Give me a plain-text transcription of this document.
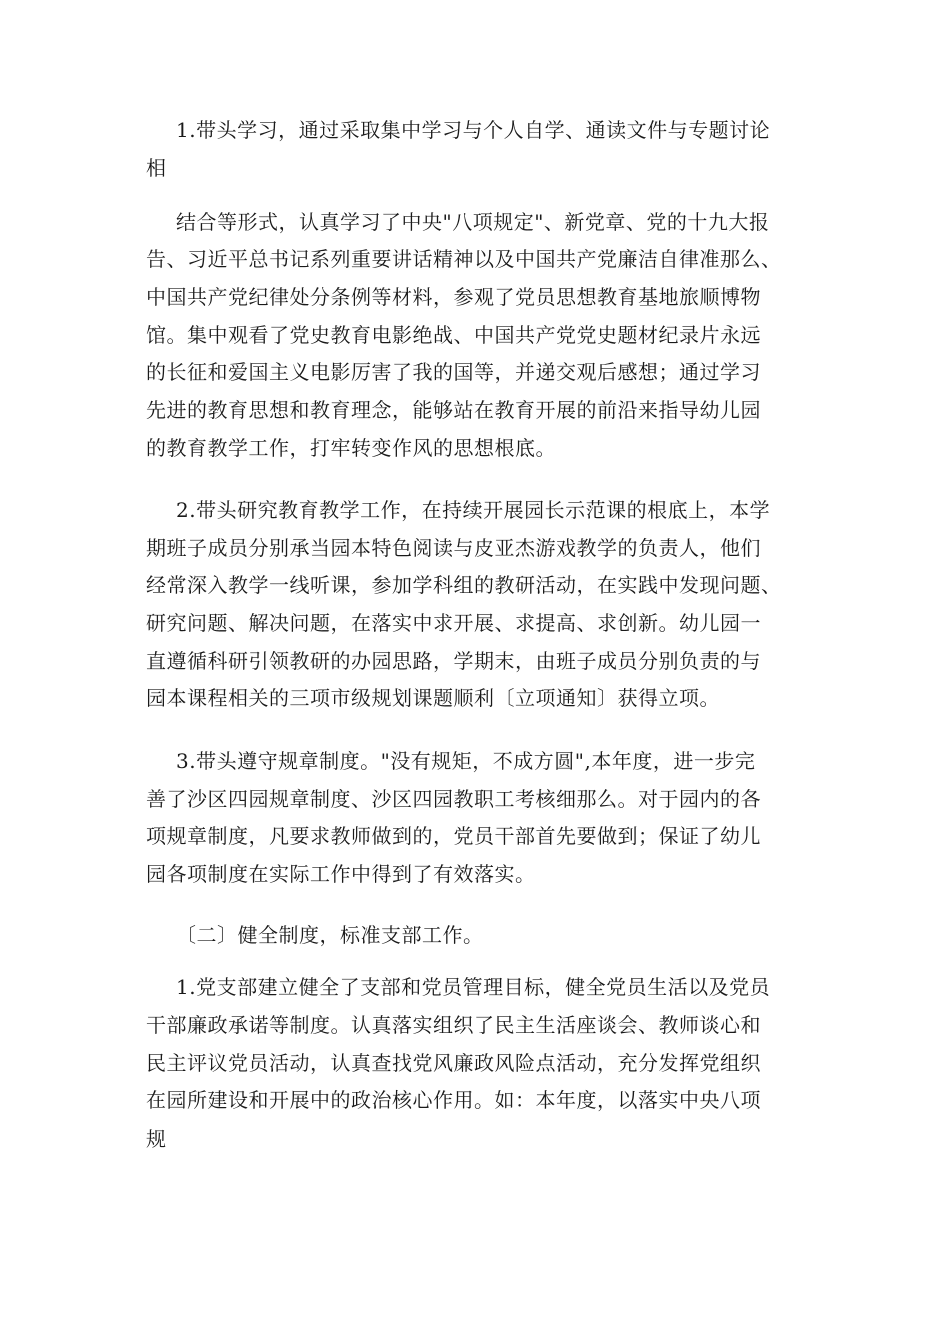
1.带头学习，通过采取集中学习与个人自学、通读文件与专题讨论

相

结合等形式，认真学习了中央"八项规定"、新党章、党的十九大报

告、习近平总书记系列重要讲话精神以及中国共产党廉洁自律准那么、

中国共产党纪律处分条例等材料，参观了党员思想教育基地旅顺博物

馆。集中观看了党史教育电影绝战、中国共产党党史题材纪录片永远

的长征和爱国主义电影厉害了我的国等，并递交观后感想；通过学习

先进的教育思想和教育理念，能够站在教育开展的前沿来指导幼儿园

的教育教学工作，打牢转变作风的思想根底。

2.带头研究教育教学工作，在持续开展园长示范课的根底上，本学

期班子成员分别承当园本特色阅读与皮亚杰游戏教学的负责人，他们

经常深入教学一线听课，参加学科组的教研活动，在实践中发现问题、

研究问题、解决问题，在落实中求开展、求提高、求创新。幼儿园一

直遵循科研引领教研的办园思路，学期末，由班子成员分别负责的与

园本课程相关的三项市级规划课题顺利〔立项通知〕获得立项。

3.带头遵守规章制度。"没有规矩，不成方圆",本年度，进一步完

善了沙区四园规章制度、沙区四园教职工考核细那么。对于园内的各

项规章制度，凡要求教师做到的，党员干部首先要做到；保证了幼儿

园各项制度在实际工作中得到了有效落实。

〔二〕健全制度，标准支部工作。

1.党支部建立健全了支部和党员管理目标，健全党员生活以及党员

干部廉政承诺等制度。认真落实组织了民主生活座谈会、教师谈心和

民主评议党员活动，认真查找党风廉政风险点活动，充分发挥党组织

在园所建设和开展中的政治核心作用。如：本年度，以落实中央八项

规
